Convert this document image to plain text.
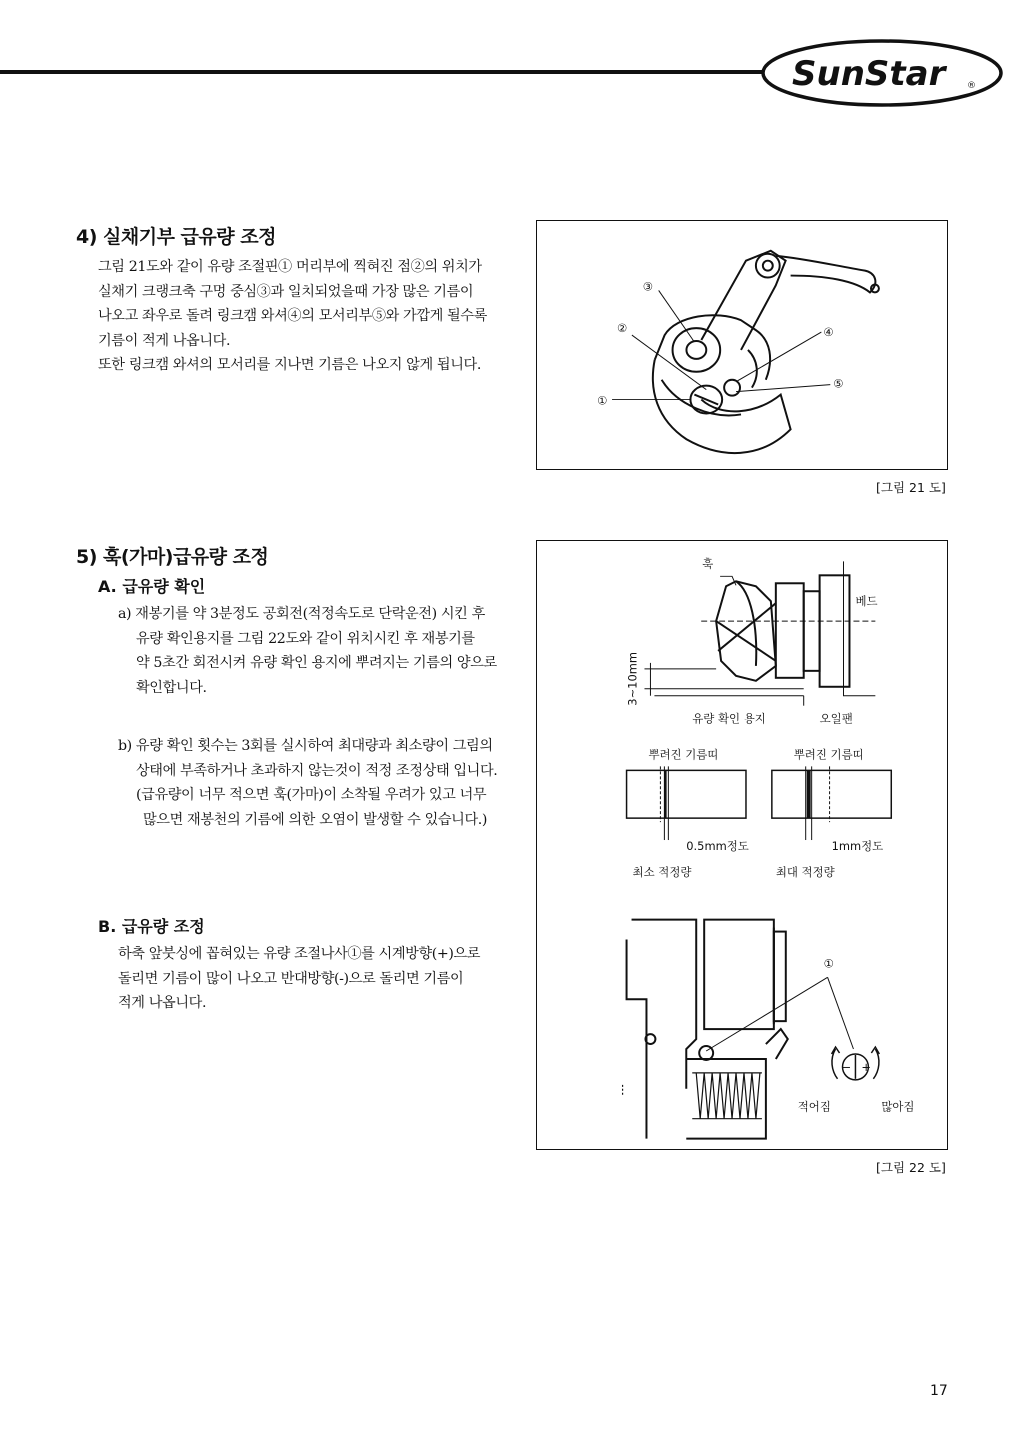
SunStar ®
4) 실채기부 급유량 조정

그림 21도와 같이 유량 조절핀① 머리부에 찍혀진 점②의 위치가

실채기 크랭크축 구멍 중심③과 일치되었을때 가장 많은 기름이

나오고 좌우로 돌려 링크캠 와셔④의 모서리부⑤와 가깝게 될수록

기름이 적게 나옵니다.

또한 링크캠 와셔의 모서리를 지나면 기름은 나오지 않게 됩니다.

③
②
①
④
⑤
[그림 21 도]
5) 훅(가마)급유량 조정
A. 급유량 확인

a) 재봉기를 약 3분정도 공회전(적정속도로 단락운전) 시킨 후

유량 확인용지를 그림 22도와 같이 위치시킨 후 재봉기를

약 5초간 회전시켜 유량 확인 용지에 뿌려지는 기름의 양으로

확인합니다.

b) 유량 확인 횟수는 3회를 실시하여 최대량과 최소량이 그림의

상태에 부족하거나 초과하지 않는것이 적정 조정상태 입니다.

(급유량이 너무 적으면 훅(가마)이 소착될 우려가 있고 너무

많으면 재봉천의 기름에 의한 오염이 발생할 수 있습니다.)

B. 급유량 조정

하축 앞붓싱에 꼽혀있는 유량 조절나사①를 시계방향(+)으로

돌리면 기름이 많이 나오고 반대방향(-)으로 돌리면 기름이

적게 나옵니다.

훅
베드
3~10mm
유량 확인 용지	오일팬
뿌려진 기름띠	뿌려진 기름띠
0.5mm정도	1mm정도
최소 적정량	최대 적정량
①
− +
적어짐	많아짐
[그림 22 도]
17
